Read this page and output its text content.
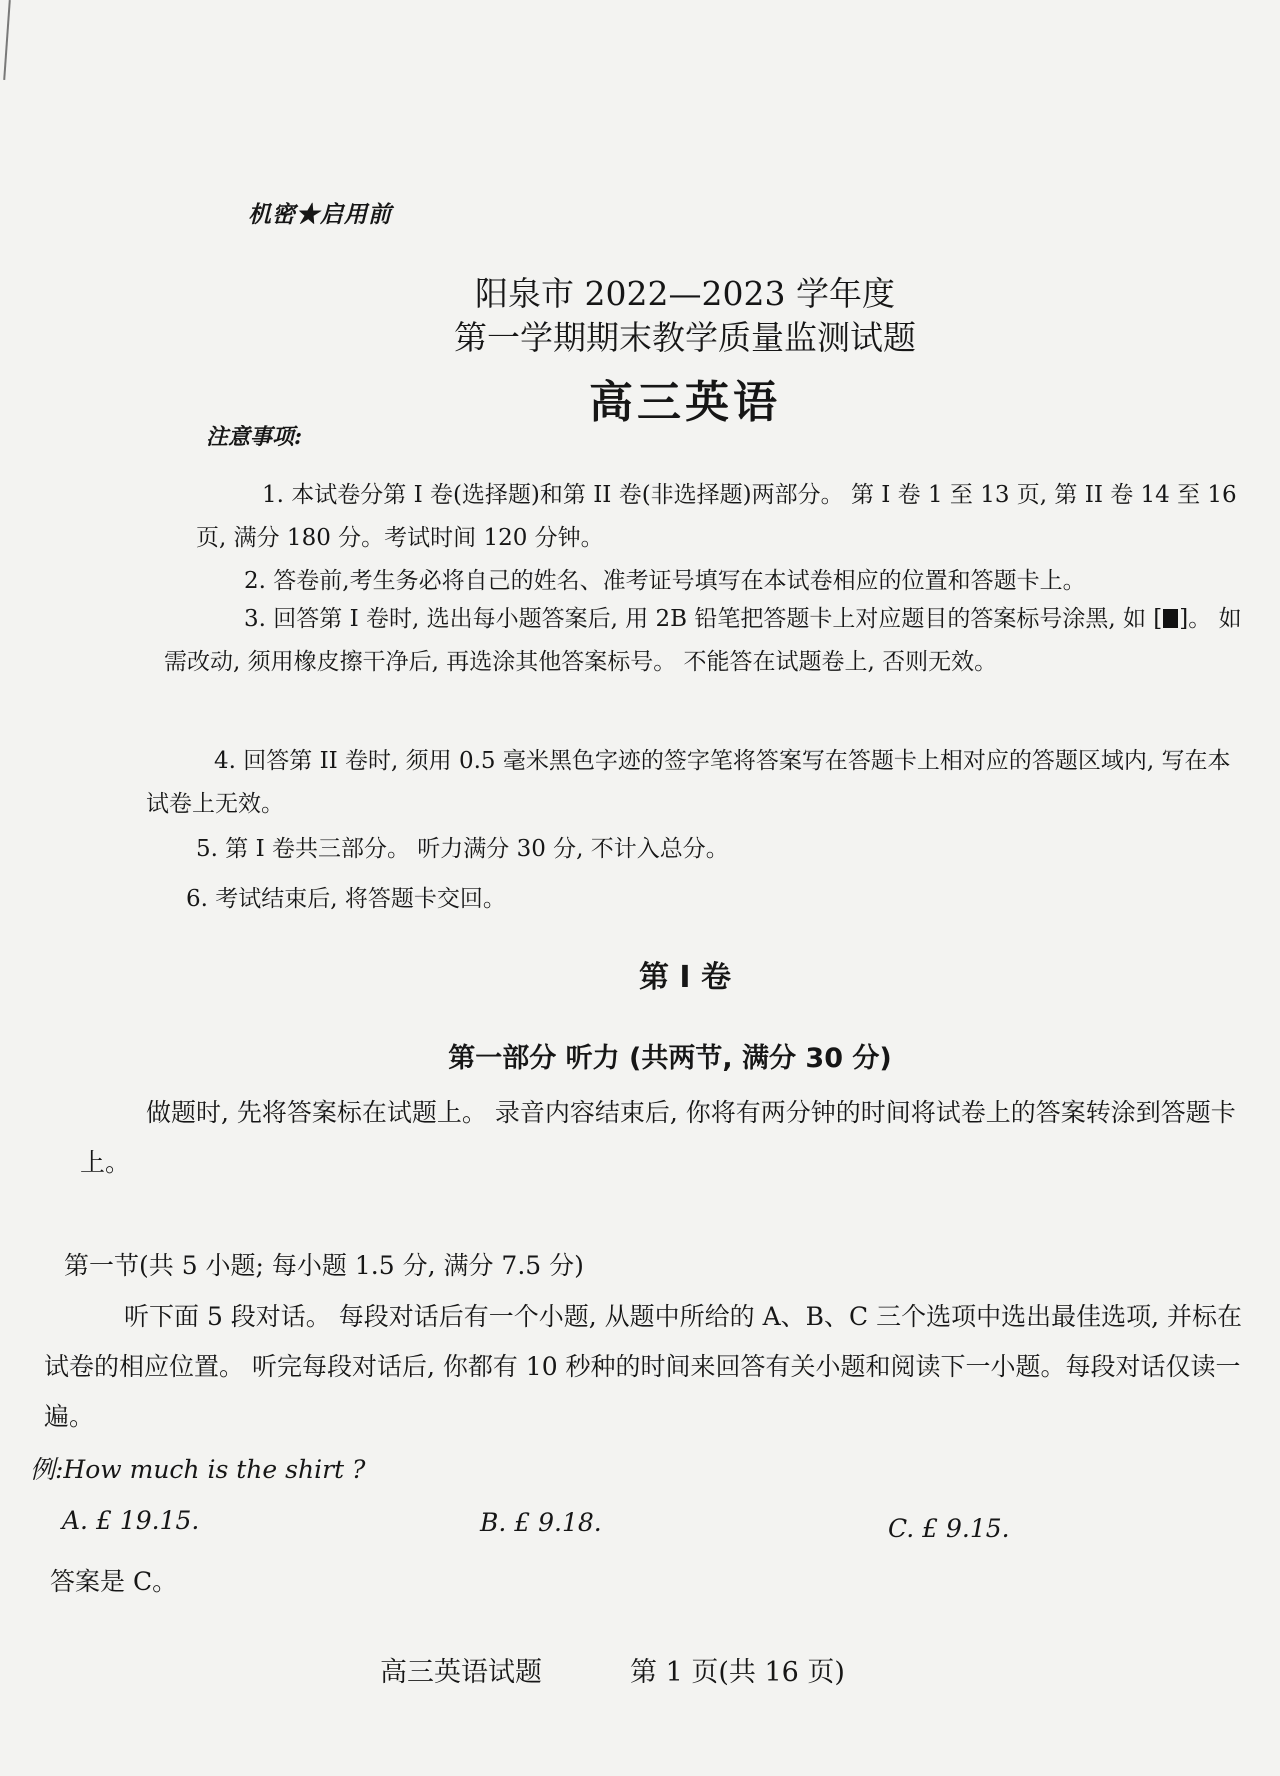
机密★启用前
阳泉市 2022—2023 学年度
第一学期期末教学质量监测试题
高三英语
注意事项:
1. 本试卷分第 I 卷(选择题)和第 II 卷(非选择题)两部分。 第 I 卷 1 至 13 页, 第 II 卷 14 至 16 页, 满分 180 分。考试时间 120 分钟。
2. 答卷前,考生务必将自己的姓名、准考证号填写在本试卷相应的位置和答题卡上。
3. 回答第 I 卷时, 选出每小题答案后, 用 2B 铅笔把答题卡上对应题目的答案标号涂黑, 如 [ ]。 如需改动, 须用橡皮擦干净后, 再选涂其他答案标号。 不能答在试题卷上, 否则无效。
4. 回答第 II 卷时, 须用 0.5 毫米黑色字迹的签字笔将答案写在答题卡上相对应的答题区域内, 写在本试卷上无效。
5. 第 I 卷共三部分。 听力满分 30 分, 不计入总分。
6. 考试结束后, 将答题卡交回。
第 I 卷
第一部分 听力 (共两节, 满分 30 分)
做题时, 先将答案标在试题上。 录音内容结束后, 你将有两分钟的时间将试卷上的答案转涂到答题卡上。
第一节(共 5 小题; 每小题 1.5 分, 满分 7.5 分)
听下面 5 段对话。 每段对话后有一个小题, 从题中所给的 A、B、C 三个选项中选出最佳选项, 并标在试卷的相应位置。 听完每段对话后, 你都有 10 秒种的时间来回答有关小题和阅读下一小题。每段对话仅读一遍。
例:How much is the shirt ?
A. £ 19.15.	B. £ 9.18.	C. £ 9.15.
答案是 C。
高三英语试题	第 1 页(共 16 页)
